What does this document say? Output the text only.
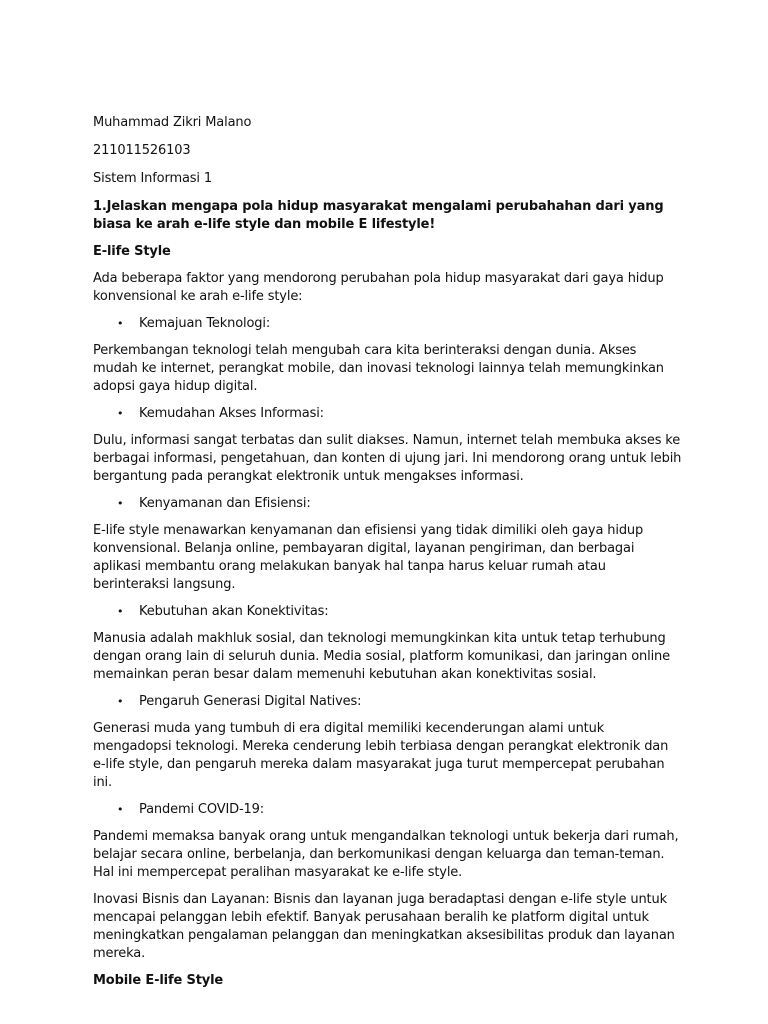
Muhammad Zikri Malano

211011526103

Sistem Informasi 1

1.Jelaskan mengapa pola hidup masyarakat mengalami perubahahan dari yang biasa ke arah e-life style dan mobile E lifestyle!

E-life Style

Ada beberapa faktor yang mendorong perubahan pola hidup masyarakat dari gaya hidup konvensional ke arah e-life style:

•	Kemajuan Teknologi:

Perkembangan teknologi telah mengubah cara kita berinteraksi dengan dunia. Akses mudah ke internet, perangkat mobile, dan inovasi teknologi lainnya telah memungkinkan adopsi gaya hidup digital.

•	Kemudahan Akses Informasi:

Dulu, informasi sangat terbatas dan sulit diakses. Namun, internet telah membuka akses ke berbagai informasi, pengetahuan, dan konten di ujung jari. Ini mendorong orang untuk lebih bergantung pada perangkat elektronik untuk mengakses informasi.

•	Kenyamanan dan Efisiensi:

E-life style menawarkan kenyamanan dan efisiensi yang tidak dimiliki oleh gaya hidup konvensional. Belanja online, pembayaran digital, layanan pengiriman, dan berbagai aplikasi membantu orang melakukan banyak hal tanpa harus keluar rumah atau berinteraksi langsung.

•	Kebutuhan akan Konektivitas:

Manusia adalah makhluk sosial, dan teknologi memungkinkan kita untuk tetap terhubung dengan orang lain di seluruh dunia. Media sosial, platform komunikasi, dan jaringan online memainkan peran besar dalam memenuhi kebutuhan akan konektivitas sosial.

•	Pengaruh Generasi Digital Natives:

Generasi muda yang tumbuh di era digital memiliki kecenderungan alami untuk mengadopsi teknologi. Mereka cenderung lebih terbiasa dengan perangkat elektronik dan e-life style, dan pengaruh mereka dalam masyarakat juga turut mempercepat perubahan ini.

•	Pandemi COVID-19:

Pandemi memaksa banyak orang untuk mengandalkan teknologi untuk bekerja dari rumah, belajar secara online, berbelanja, dan berkomunikasi dengan keluarga dan teman-teman. Hal ini mempercepat peralihan masyarakat ke e-life style.

Inovasi Bisnis dan Layanan: Bisnis dan layanan juga beradaptasi dengan e-life style untuk mencapai pelanggan lebih efektif. Banyak perusahaan beralih ke platform digital untuk meningkatkan pengalaman pelanggan dan meningkatkan aksesibilitas produk dan layanan mereka.

Mobile E-life Style
